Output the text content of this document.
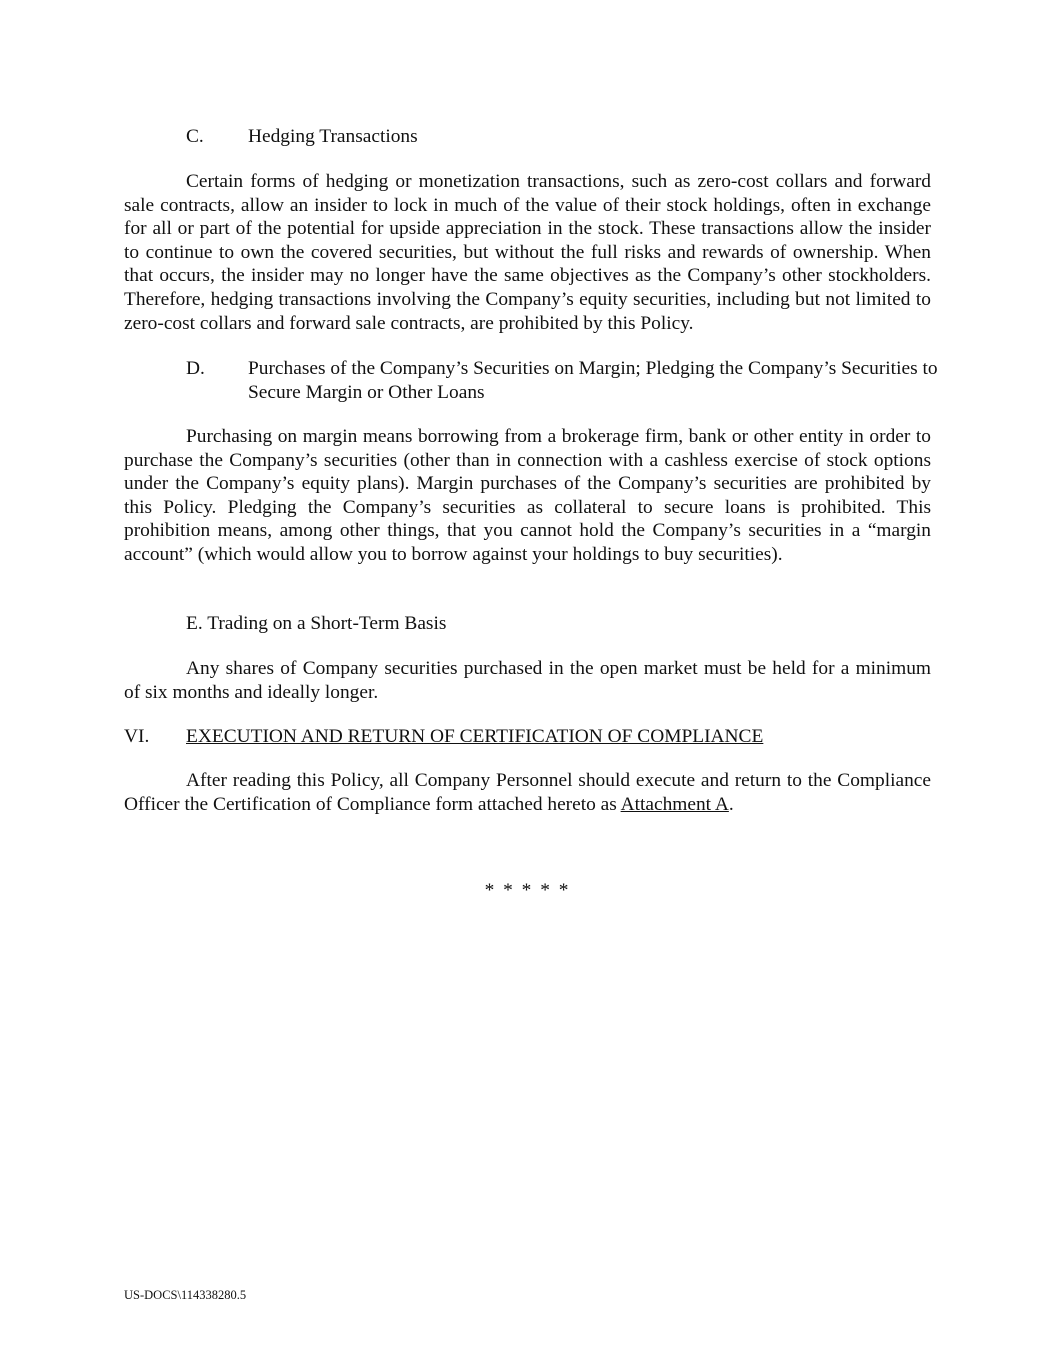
C.	Hedging Transactions

Certain forms of hedging or monetization transactions, such as zero-cost collars and forward sale contracts, allow an insider to lock in much of the value of their stock holdings, often in exchange for all or part of the potential for upside appreciation in the stock. These transactions allow the insider to continue to own the covered securities, but without the full risks and rewards of ownership. When that occurs, the insider may no longer have the same objectives as the Company’s other stockholders. Therefore, hedging transactions involving the Company’s equity securities, including but not limited to zero-cost collars and forward sale contracts, are prohibited by this Policy.

D.	Purchases of the Company’s Securities on Margin; Pledging the Company’s Securities to Secure Margin or Other Loans

Purchasing on margin means borrowing from a brokerage firm, bank or other entity in order to purchase the Company’s securities (other than in connection with a cashless exercise of stock options under the Company’s equity plans). Margin purchases of the Company’s securities are prohibited by this Policy. Pledging the Company’s securities as collateral to secure loans is prohibited. This prohibition means, among other things, that you cannot hold the Company’s securities in a “margin account” (which would allow you to borrow against your holdings to buy securities).

E. Trading on a Short-Term Basis

Any shares of Company securities purchased in the open market must be held for a minimum of six months and ideally longer.

VI.	EXECUTION AND RETURN OF CERTIFICATION OF COMPLIANCE

After reading this Policy, all Company Personnel should execute and return to the Compliance Officer the Certification of Compliance form attached hereto as Attachment A.

* * * * *
US-DOCS\114338280.5
